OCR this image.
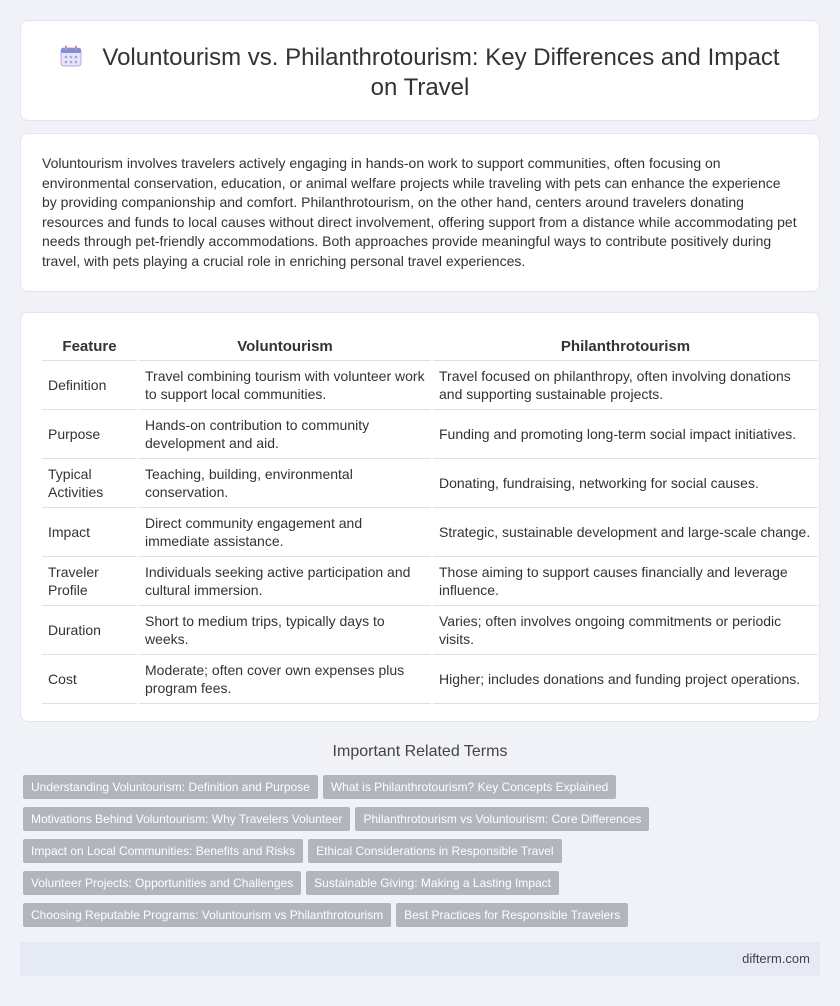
Voluntourism vs. Philanthrotourism: Key Differences and Impact on Travel

Voluntourism involves travelers actively engaging in hands-on work to support communities, often focusing on environmental conservation, education, or animal welfare projects while traveling with pets can enhance the experience by providing companionship and comfort. Philanthrotourism, on the other hand, centers around travelers donating resources and funds to local causes without direct involvement, offering support from a distance while accommodating pet needs through pet-friendly accommodations. Both approaches provide meaningful ways to contribute positively during travel, with pets playing a crucial role in enriching personal travel experiences.

Feature	Voluntourism	Philanthrotourism
Definition	Travel combining tourism with volunteer work to support local communities.	Travel focused on philanthropy, often involving donations and supporting sustainable projects.
Purpose	Hands-on contribution to community development and aid.	Funding and promoting long-term social impact initiatives.
Typical Activities	Teaching, building, environmental conservation.	Donating, fundraising, networking for social causes.
Impact	Direct community engagement and immediate assistance.	Strategic, sustainable development and large-scale change.
Traveler Profile	Individuals seeking active participation and cultural immersion.	Those aiming to support causes financially and leverage influence.
Duration	Short to medium trips, typically days to weeks.	Varies; often involves ongoing commitments or periodic visits.
Cost	Moderate; often cover own expenses plus program fees.	Higher; includes donations and funding project operations.
Important Related Terms
Understanding Voluntourism: Definition and Purpose What is Philanthrotourism? Key Concepts Explained
Motivations Behind Voluntourism: Why Travelers Volunteer Philanthrotourism vs Voluntourism: Core Differences
Impact on Local Communities: Benefits and Risks Ethical Considerations in Responsible Travel
Volunteer Projects: Opportunities and Challenges Sustainable Giving: Making a Lasting Impact
Choosing Reputable Programs: Voluntourism vs Philanthrotourism Best Practices for Responsible Travelers
difterm.com
